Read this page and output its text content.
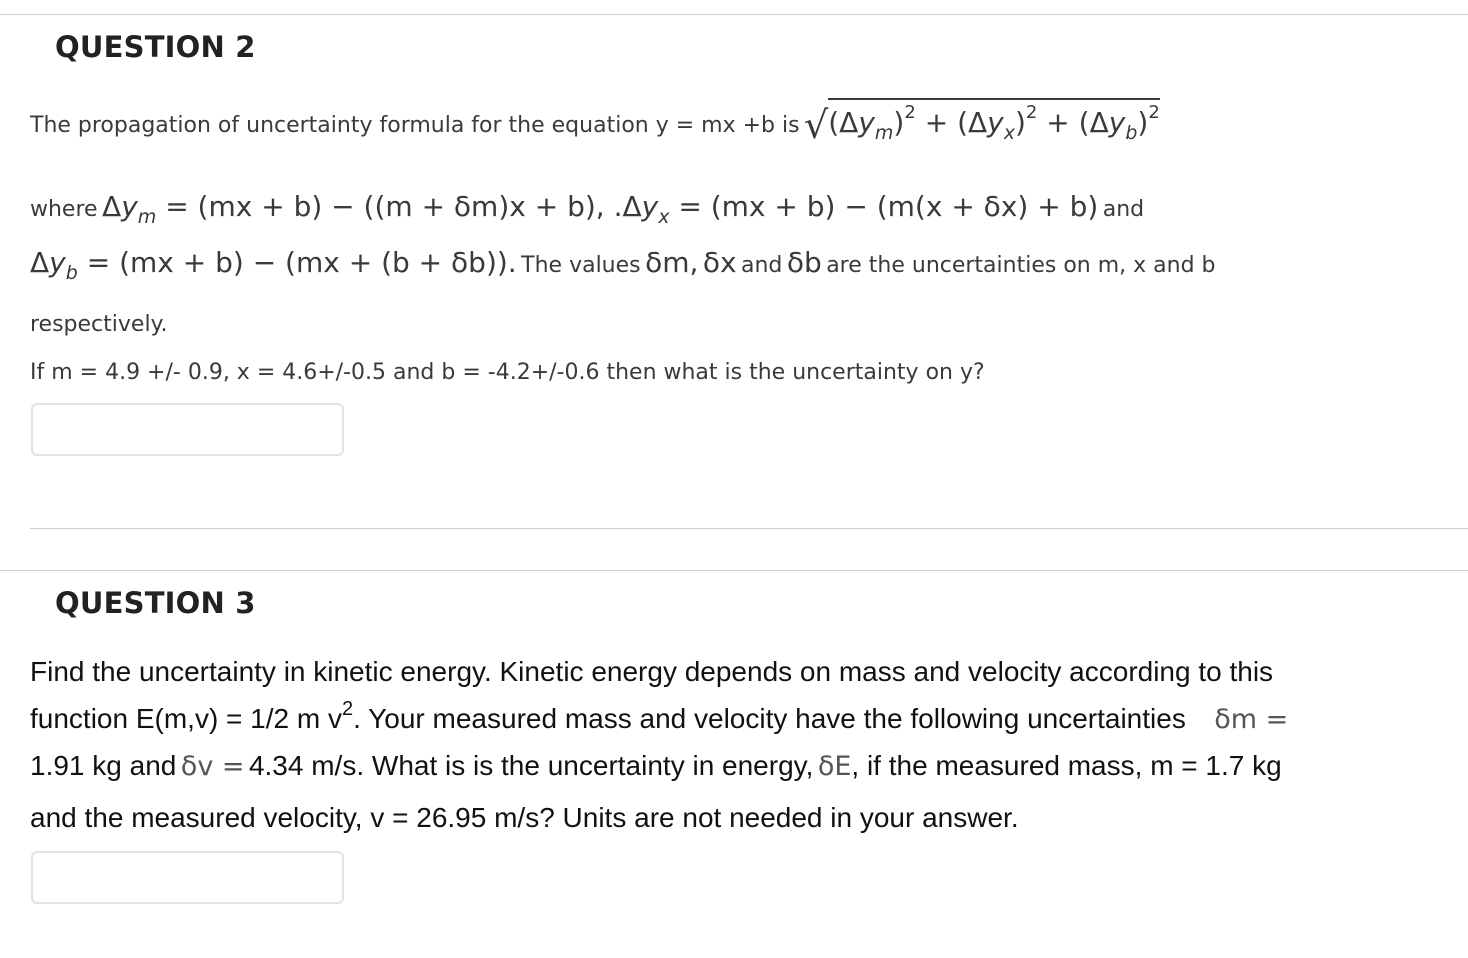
QUESTION 2
The propagation of uncertainty formula for the equation y = mx +b is $√(\Delta y_m)^2 + (\Delta y_x)^2 + (\Delta y_b)^2$
where $\Delta y_m = (mx + b) - ((m + \delta m)x + b)$, $.\Delta y_x = (mx + b) - (m(x + \delta x) + b)$ and
$\Delta y_b = (mx + b) - (mx + (b + \delta b))$. The values δm, δx and δb are the uncertainties on m, x and b
respectively.
If m = 4.9 +/- 0.9, x = 4.6+/-0.5 and b = -4.2+/-0.6 then what is the uncertainty on y?
QUESTION 3
Find the uncertainty in kinetic energy. Kinetic energy depends on mass and velocity according to this
function E(m,v) = 1/2 m v2. Your measured mass and velocity have the following uncertainties δm =
1.91 kg and δv = 4.34 m/s. What is is the uncertainty in energy, δE, if the measured mass, m = 1.7 kg
and the measured velocity, v = 26.95 m/s? Units are not needed in your answer.
